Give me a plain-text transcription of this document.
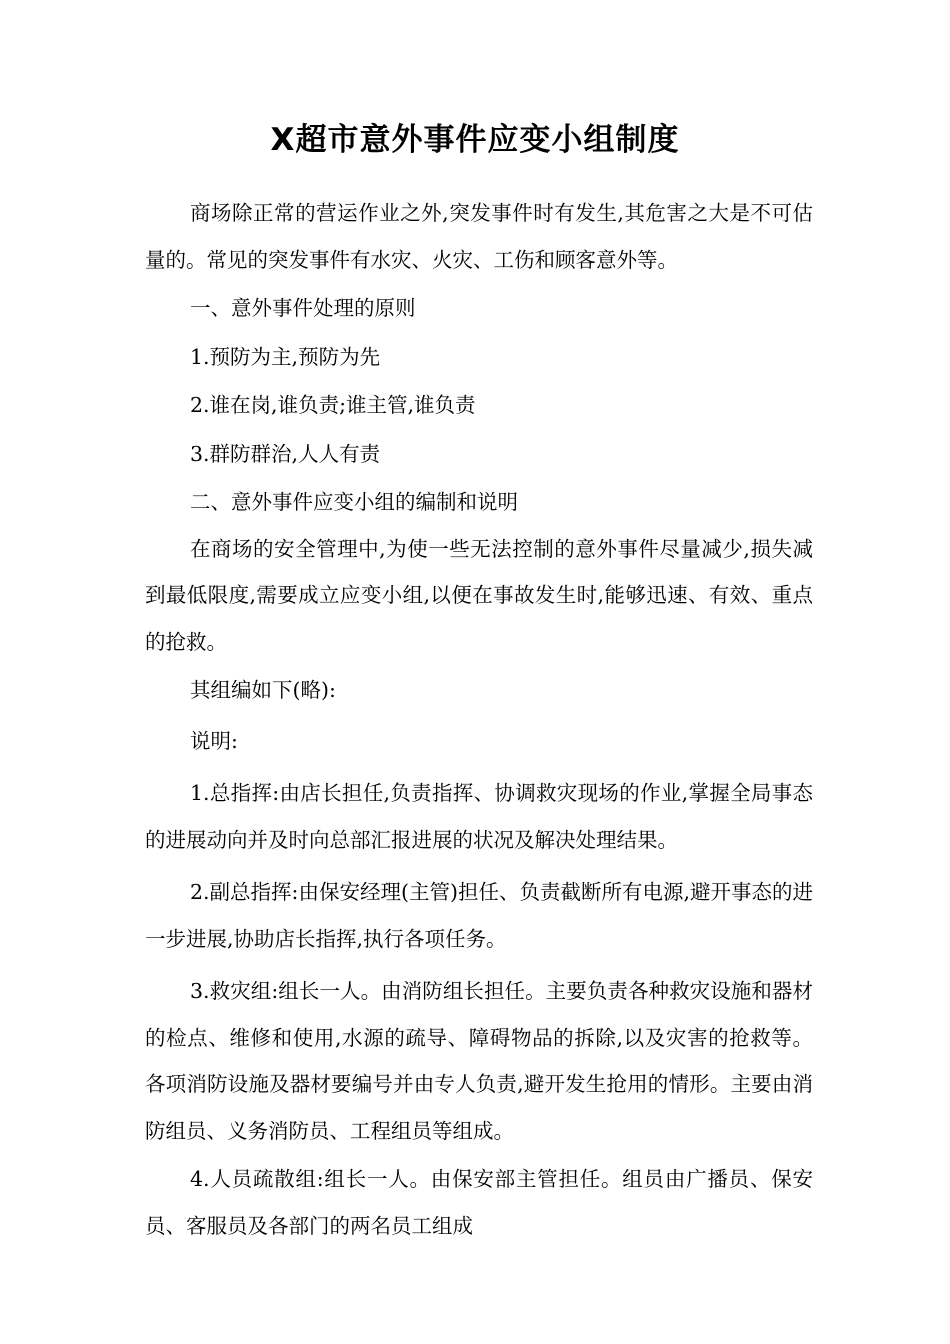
X超市意外事件应变小组制度

商场除正常的营运作业之外,突发事件时有发生,其危害之大是不可估量的。常见的突发事件有水灾、火灾、工伤和顾客意外等。

一、意外事件处理的原则

1.预防为主,预防为先

2.谁在岗,谁负责;谁主管,谁负责

3.群防群治,人人有责

二、意外事件应变小组的编制和说明

在商场的安全管理中,为使一些无法控制的意外事件尽量减少,损失减到最低限度,需要成立应变小组,以便在事故发生时,能够迅速、有效、重点的抢救。

其组编如下(略):

说明:

1.总指挥:由店长担任,负责指挥、协调救灾现场的作业,掌握全局事态的进展动向并及时向总部汇报进展的状况及解决处理结果。

2.副总指挥:由保安经理(主管)担任、负责截断所有电源,避开事态的进一步进展,协助店长指挥,执行各项任务。

3.救灾组:组长一人。由消防组长担任。主要负责各种救灾设施和器材的检点、维修和使用,水源的疏导、障碍物品的拆除,以及灾害的抢救等。各项消防设施及器材要编号并由专人负责,避开发生抢用的情形。主要由消防组员、义务消防员、工程组员等组成。

4.人员疏散组:组长一人。由保安部主管担任。组员由广播员、保安员、客服员及各部门的两名员工组成
